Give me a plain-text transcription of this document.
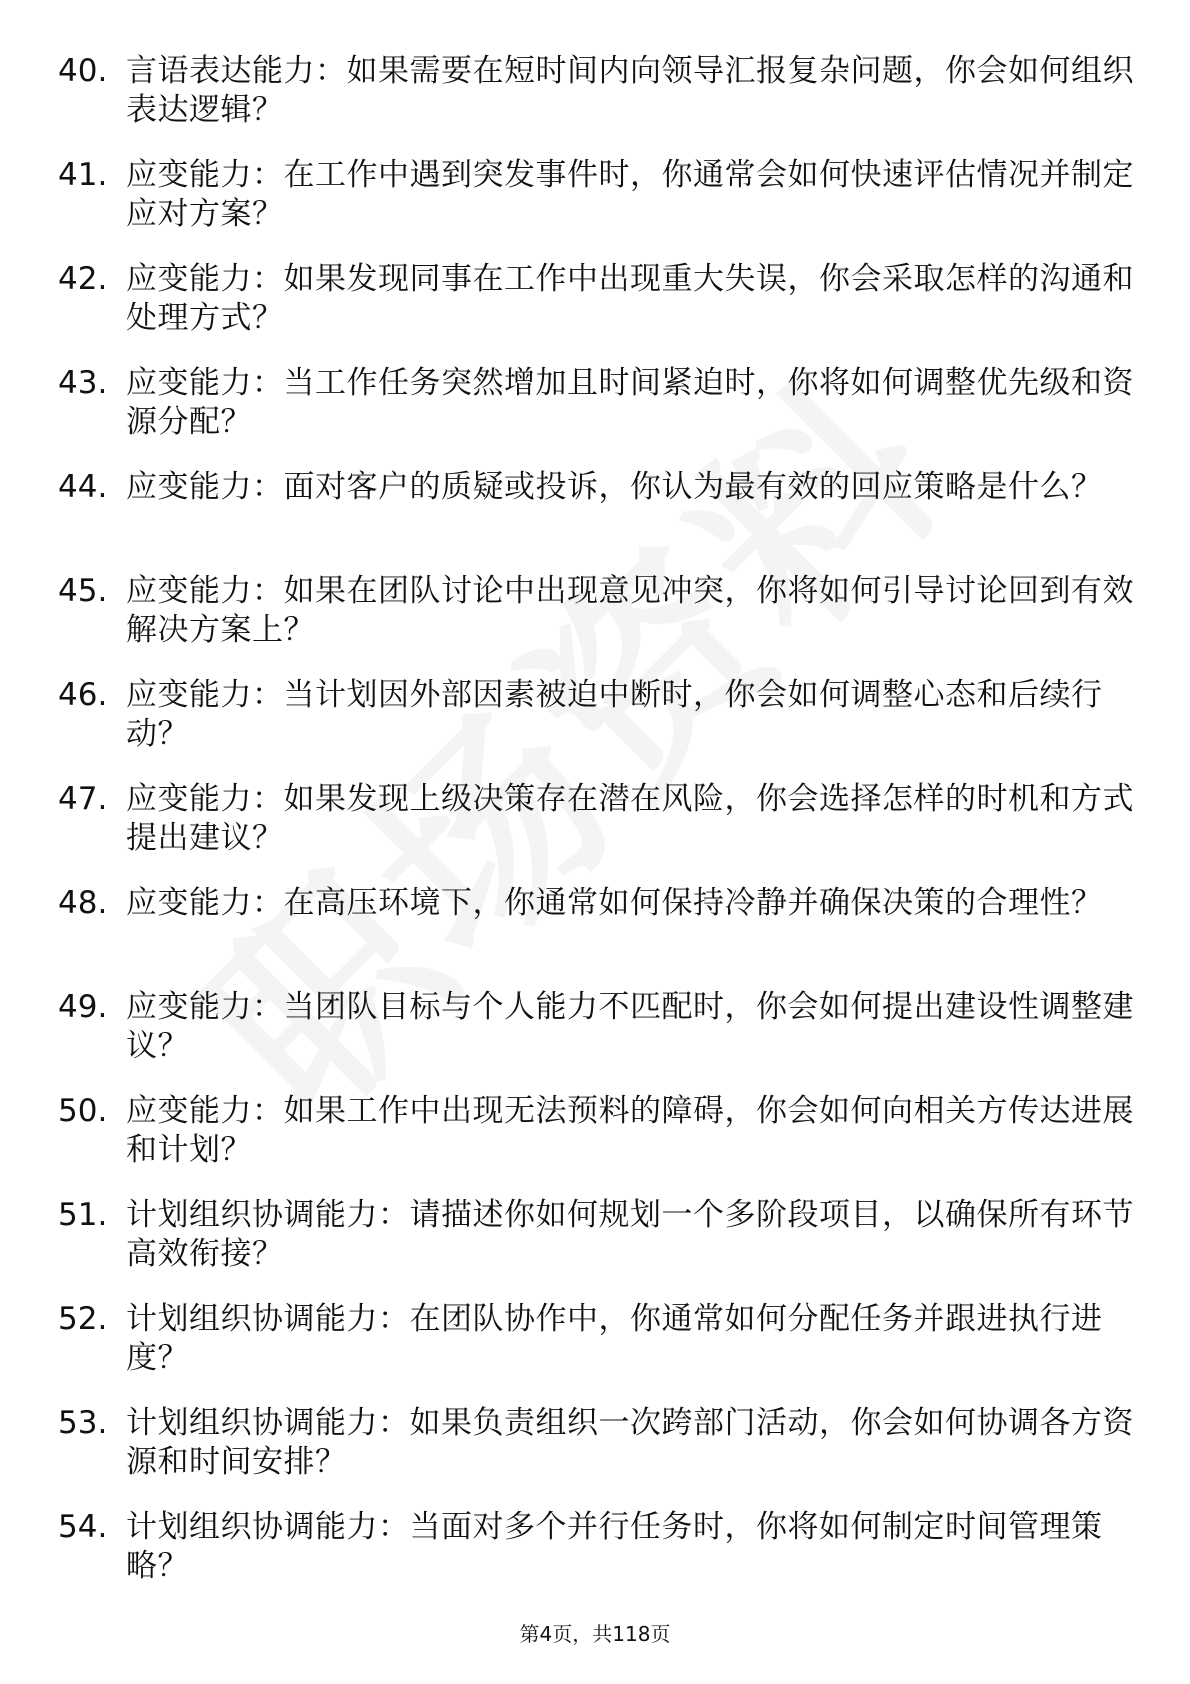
40. 言语表达能力：如果需要在短时间内向领导汇报复杂问题，你会如何组织表达逻辑？
41. 应变能力：在工作中遇到突发事件时，你通常会如何快速评估情况并制定应对方案？
42. 应变能力：如果发现同事在工作中出现重大失误，你会采取怎样的沟通和处理方式？
43. 应变能力：当工作任务突然增加且时间紧迫时，你将如何调整优先级和资源分配？
44. 应变能力：面对客户的质疑或投诉，你认为最有效的回应策略是什么？
45. 应变能力：如果在团队讨论中出现意见冲突，你将如何引导讨论回到有效解决方案上？
46. 应变能力：当计划因外部因素被迫中断时，你会如何调整心态和后续行动？
47. 应变能力：如果发现上级决策存在潜在风险，你会选择怎样的时机和方式提出建议？
48. 应变能力：在高压环境下，你通常如何保持冷静并确保决策的合理性？
49. 应变能力：当团队目标与个人能力不匹配时，你会如何提出建设性调整建议？
50. 应变能力：如果工作中出现无法预料的障碍，你会如何向相关方传达进展和计划？
51. 计划组织协调能力：请描述你如何规划一个多阶段项目，以确保所有环节高效衔接？
52. 计划组织协调能力：在团队协作中，你通常如何分配任务并跟进执行进度？
53. 计划组织协调能力：如果负责组织一次跨部门活动，你会如何协调各方资源和时间安排？
54. 计划组织协调能力：当面对多个并行任务时，你将如何制定时间管理策略？
第4页，共118页
